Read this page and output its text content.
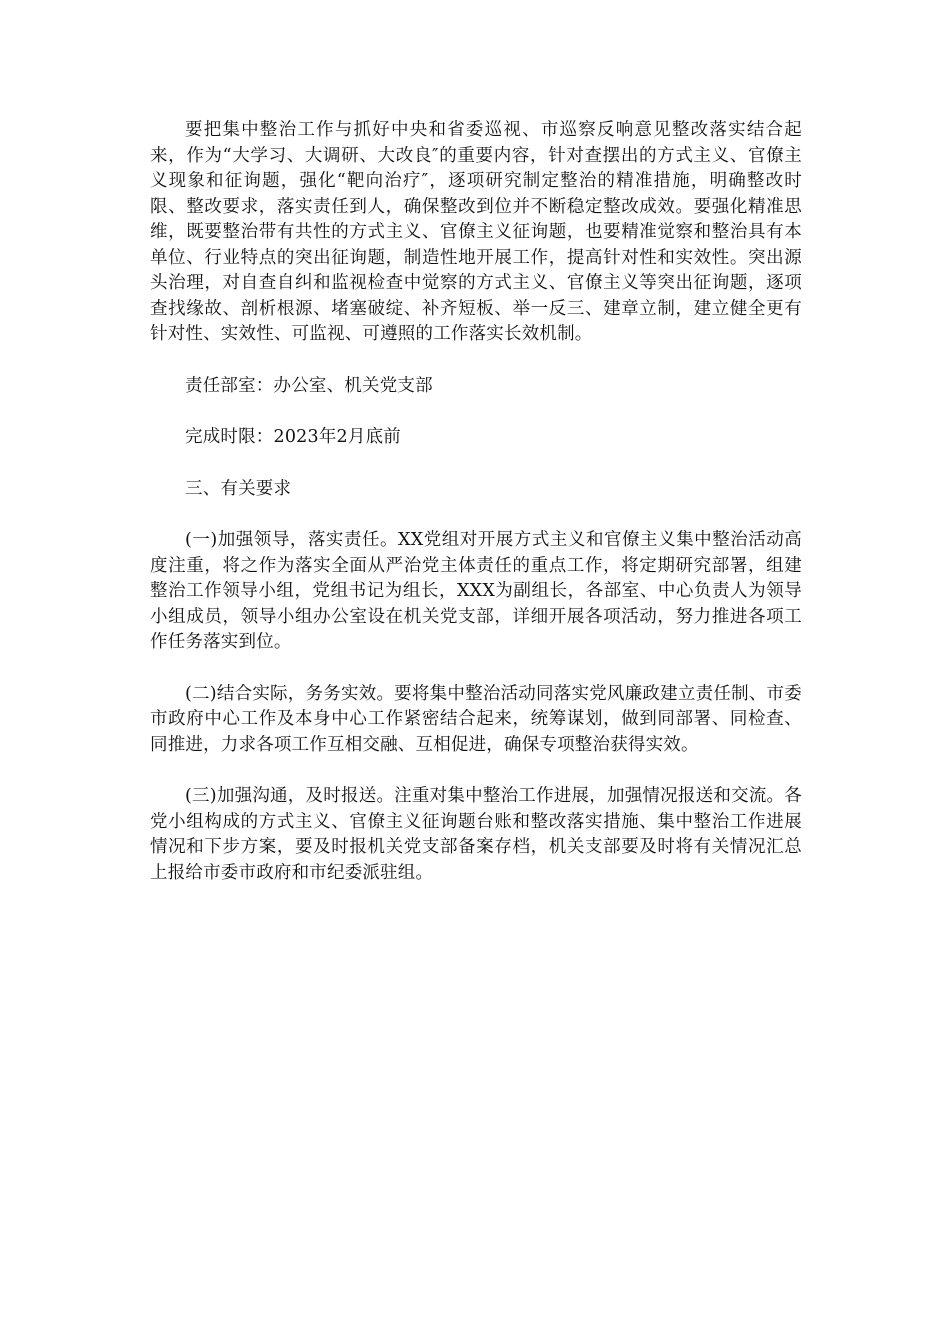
要把集中整治工作与抓好中央和省委巡视、市巡察反响意见整改落实结合起来，作为“大学习、大调研、大改良″的重要内容，针对查摆出的方式主义、官僚主义现象和征询题，强化“靶向治疗″，逐项研究制定整治的精准措施，明确整改时限、整改要求，落实责任到人，确保整改到位并不断稳定整改成效。要强化精准思维，既要整治带有共性的方式主义、官僚主义征询题，也要精准觉察和整治具有本单位、行业特点的突出征询题，制造性地开展工作，提高针对性和实效性。突出源头治理，对自查自纠和监视检查中觉察的方式主义、官僚主义等突出征询题，逐项查找缘故、剖析根源、堵塞破绽、补齐短板、举一反三、建章立制，建立健全更有针对性、实效性、可监视、可遵照的工作落实长效机制。

责任部室：办公室、机关党支部

完成时限：2023年2月底前

三、有关要求

(一)加强领导，落实责任。XX党组对开展方式主义和官僚主义集中整治活动高度注重，将之作为落实全面从严治党主体责任的重点工作，将定期研究部署，组建整治工作领导小组，党组书记为组长，XXX为副组长，各部室、中心负责人为领导小组成员，领导小组办公室设在机关党支部，详细开展各项活动，努力推进各项工作任务落实到位。

(二)结合实际，务务实效。要将集中整治活动同落实党风廉政建立责任制、市委市政府中心工作及本身中心工作紧密结合起来，统筹谋划，做到同部署、同检查、同推进，力求各项工作互相交融、互相促进，确保专项整治获得实效。

(三)加强沟通，及时报送。注重对集中整治工作进展，加强情况报送和交流。各党小组构成的方式主义、官僚主义征询题台账和整改落实措施、集中整治工作进展情况和下步方案，要及时报机关党支部备案存档，机关支部要及时将有关情况汇总上报给市委市政府和市纪委派驻组。
